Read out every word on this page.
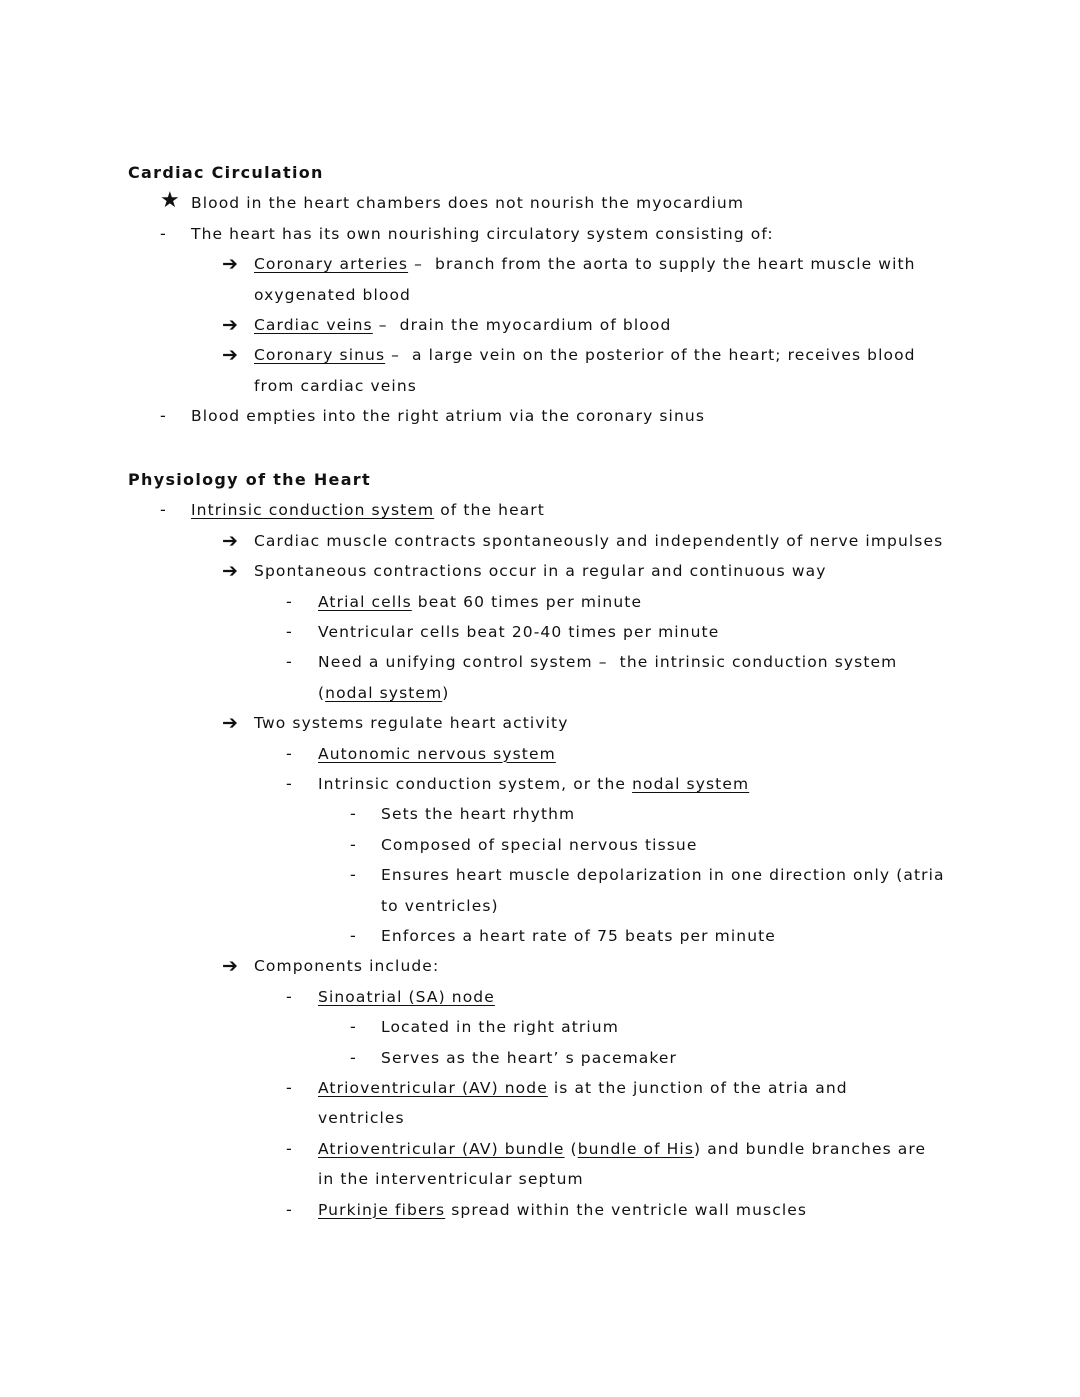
Cardiac Circulation
★ Blood in the heart chambers does not nourish the myocardium
-	The heart has its own nourishing circulatory system consisting of:
➔	Coronary arteries –  branch from the aorta to supply the heart muscle with
oxygenated blood
➔	Cardiac veins –  drain the myocardium of blood
➔	Coronary sinus –  a large vein on the posterior of the heart; receives blood
from cardiac veins
-	Blood empties into the right atrium via the coronary sinus
Physiology of the Heart
-	Intrinsic conduction system of the heart
➔	Cardiac muscle contracts spontaneously and independently of nerve impulses
➔	Spontaneous contractions occur in a regular and continuous way
-	Atrial cells beat 60 times per minute
-	Ventricular cells beat 20-40 times per minute
-	Need a unifying control system –  the intrinsic conduction system
(nodal system)
➔	Two systems regulate heart activity
-	Autonomic nervous system
-	Intrinsic conduction system, or the nodal system
-	Sets the heart rhythm
-	Composed of special nervous tissue
-	Ensures heart muscle depolarization in one direction only (atria
to ventricles)
-	Enforces a heart rate of 75 beats per minute
➔	Components include:
-	Sinoatrial (SA) node
-	Located in the right atrium
-	Serves as the heart’ s pacemaker
-	Atrioventricular (AV) node is at the junction of the atria and
ventricles
-	Atrioventricular (AV) bundle (bundle of His) and bundle branches are
in the interventricular septum
-	Purkinje fibers spread within the ventricle wall muscles
